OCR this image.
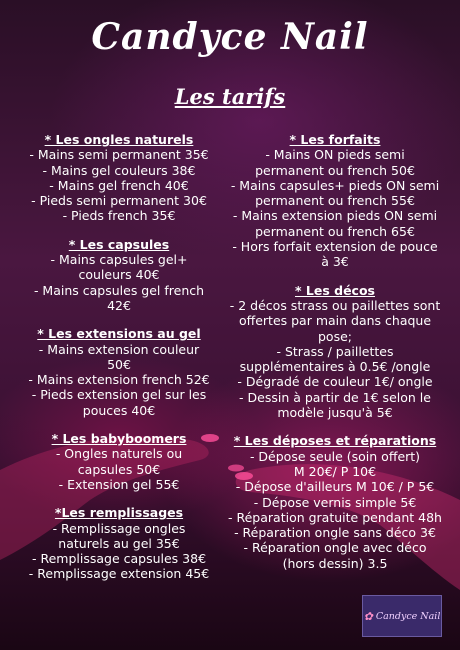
Candyce Nail
Les tarifs
* Les ongles naturels
- Mains semi permanent 35€
- Mains gel couleurs 38€
- Mains gel french 40€
- Pieds semi permanent 30€
- Pieds french 35€
* Les capsules
- Mains capsules gel+
couleurs 40€
- Mains capsules gel french
42€
* Les extensions au gel
- Mains extension couleur
50€
- Mains extension french 52€
- Pieds extension gel sur les
pouces 40€
* Les babyboomers
- Ongles naturels ou
capsules 50€
- Extension gel 55€
*Les remplissages
- Remplissage ongles
naturels au gel 35€
- Remplissage capsules 38€
- Remplissage extension 45€
* Les forfaits
- Mains ON pieds semi
permanent ou french 50€
- Mains capsules+ pieds ON semi
permanent ou french 55€
- Mains extension pieds ON semi
permanent ou french 65€
- Hors forfait extension de pouce
à 3€
* Les décos
- 2 décos strass ou paillettes sont
offertes par main dans chaque
pose;
- Strass / paillettes
supplémentaires à 0.5€ /ongle
- Dégradé de couleur 1€/ ongle
- Dessin à partir de 1€ selon le
modèle jusqu'à 5€
* Les déposes et réparations
- Dépose seule (soin offert)
M 20€/ P 10€
- Dépose d'ailleurs M 10€ / P 5€
- Dépose vernis simple 5€
- Réparation gratuite pendant 48h
- Réparation ongle sans déco 3€
- Réparation ongle avec déco
(hors dessin) 3.5
✿ Candyce Nail
